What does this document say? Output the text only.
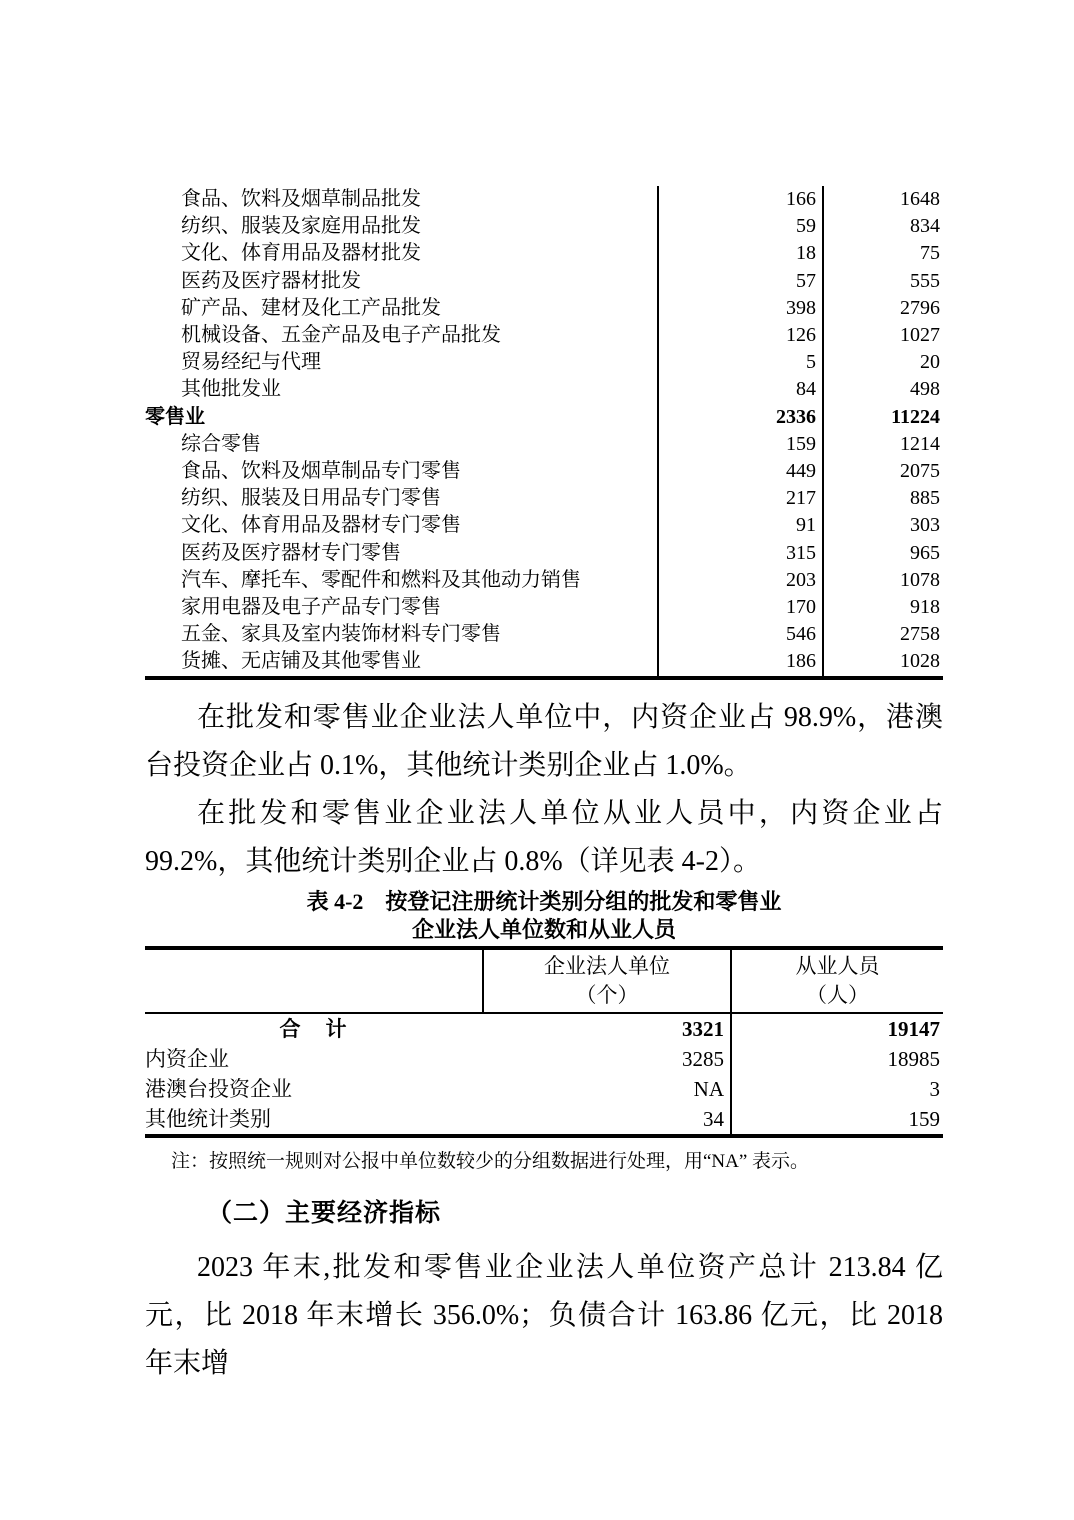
食品、饮料及烟草制品批发	166	1648
纺织、服装及家庭用品批发	59	834
文化、体育用品及器材批发	18	75
医药及医疗器材批发	57	555
矿产品、建材及化工产品批发	398	2796
机械设备、五金产品及电子产品批发	126	1027
贸易经纪与代理	5	20
其他批发业	84	498
零售业	2336	11224
综合零售	159	1214
食品、饮料及烟草制品专门零售	449	2075
纺织、服装及日用品专门零售	217	885
文化、体育用品及器材专门零售	91	303
医药及医疗器材专门零售	315	965
汽车、摩托车、零配件和燃料及其他动力销售	203	1078
家用电器及电子产品专门零售	170	918
五金、家具及室内装饰材料专门零售	546	2758
货摊、无店铺及其他零售业	186	1028

在批发和零售业企业法人单位中，内资企业占 98.9%，港澳台投资企业占 0.1%，其他统计类别企业占 1.0%。

在批发和零售业企业法人单位从业人员中，内资企业占 99.2%，其他统计类别企业占 0.8%（详见表 4-2）。

表 4-2　按登记注册统计类别分组的批发和零售业
企业法人单位数和从业人员

企业法人单位
（个）

从业人员
（人）

合　计	3321	19147
内资企业	3285	18985
港澳台投资企业	NA	3
其他统计类别	34	159

注：按照统一规则对公报中单位数较少的分组数据进行处理，用“NA” 表示。

（二）主要经济指标

2023 年末,批发和零售业企业法人单位资产总计 213.84 亿元，比 2018 年末增长 356.0%；负债合计 163.86 亿元，比 2018 年末增
